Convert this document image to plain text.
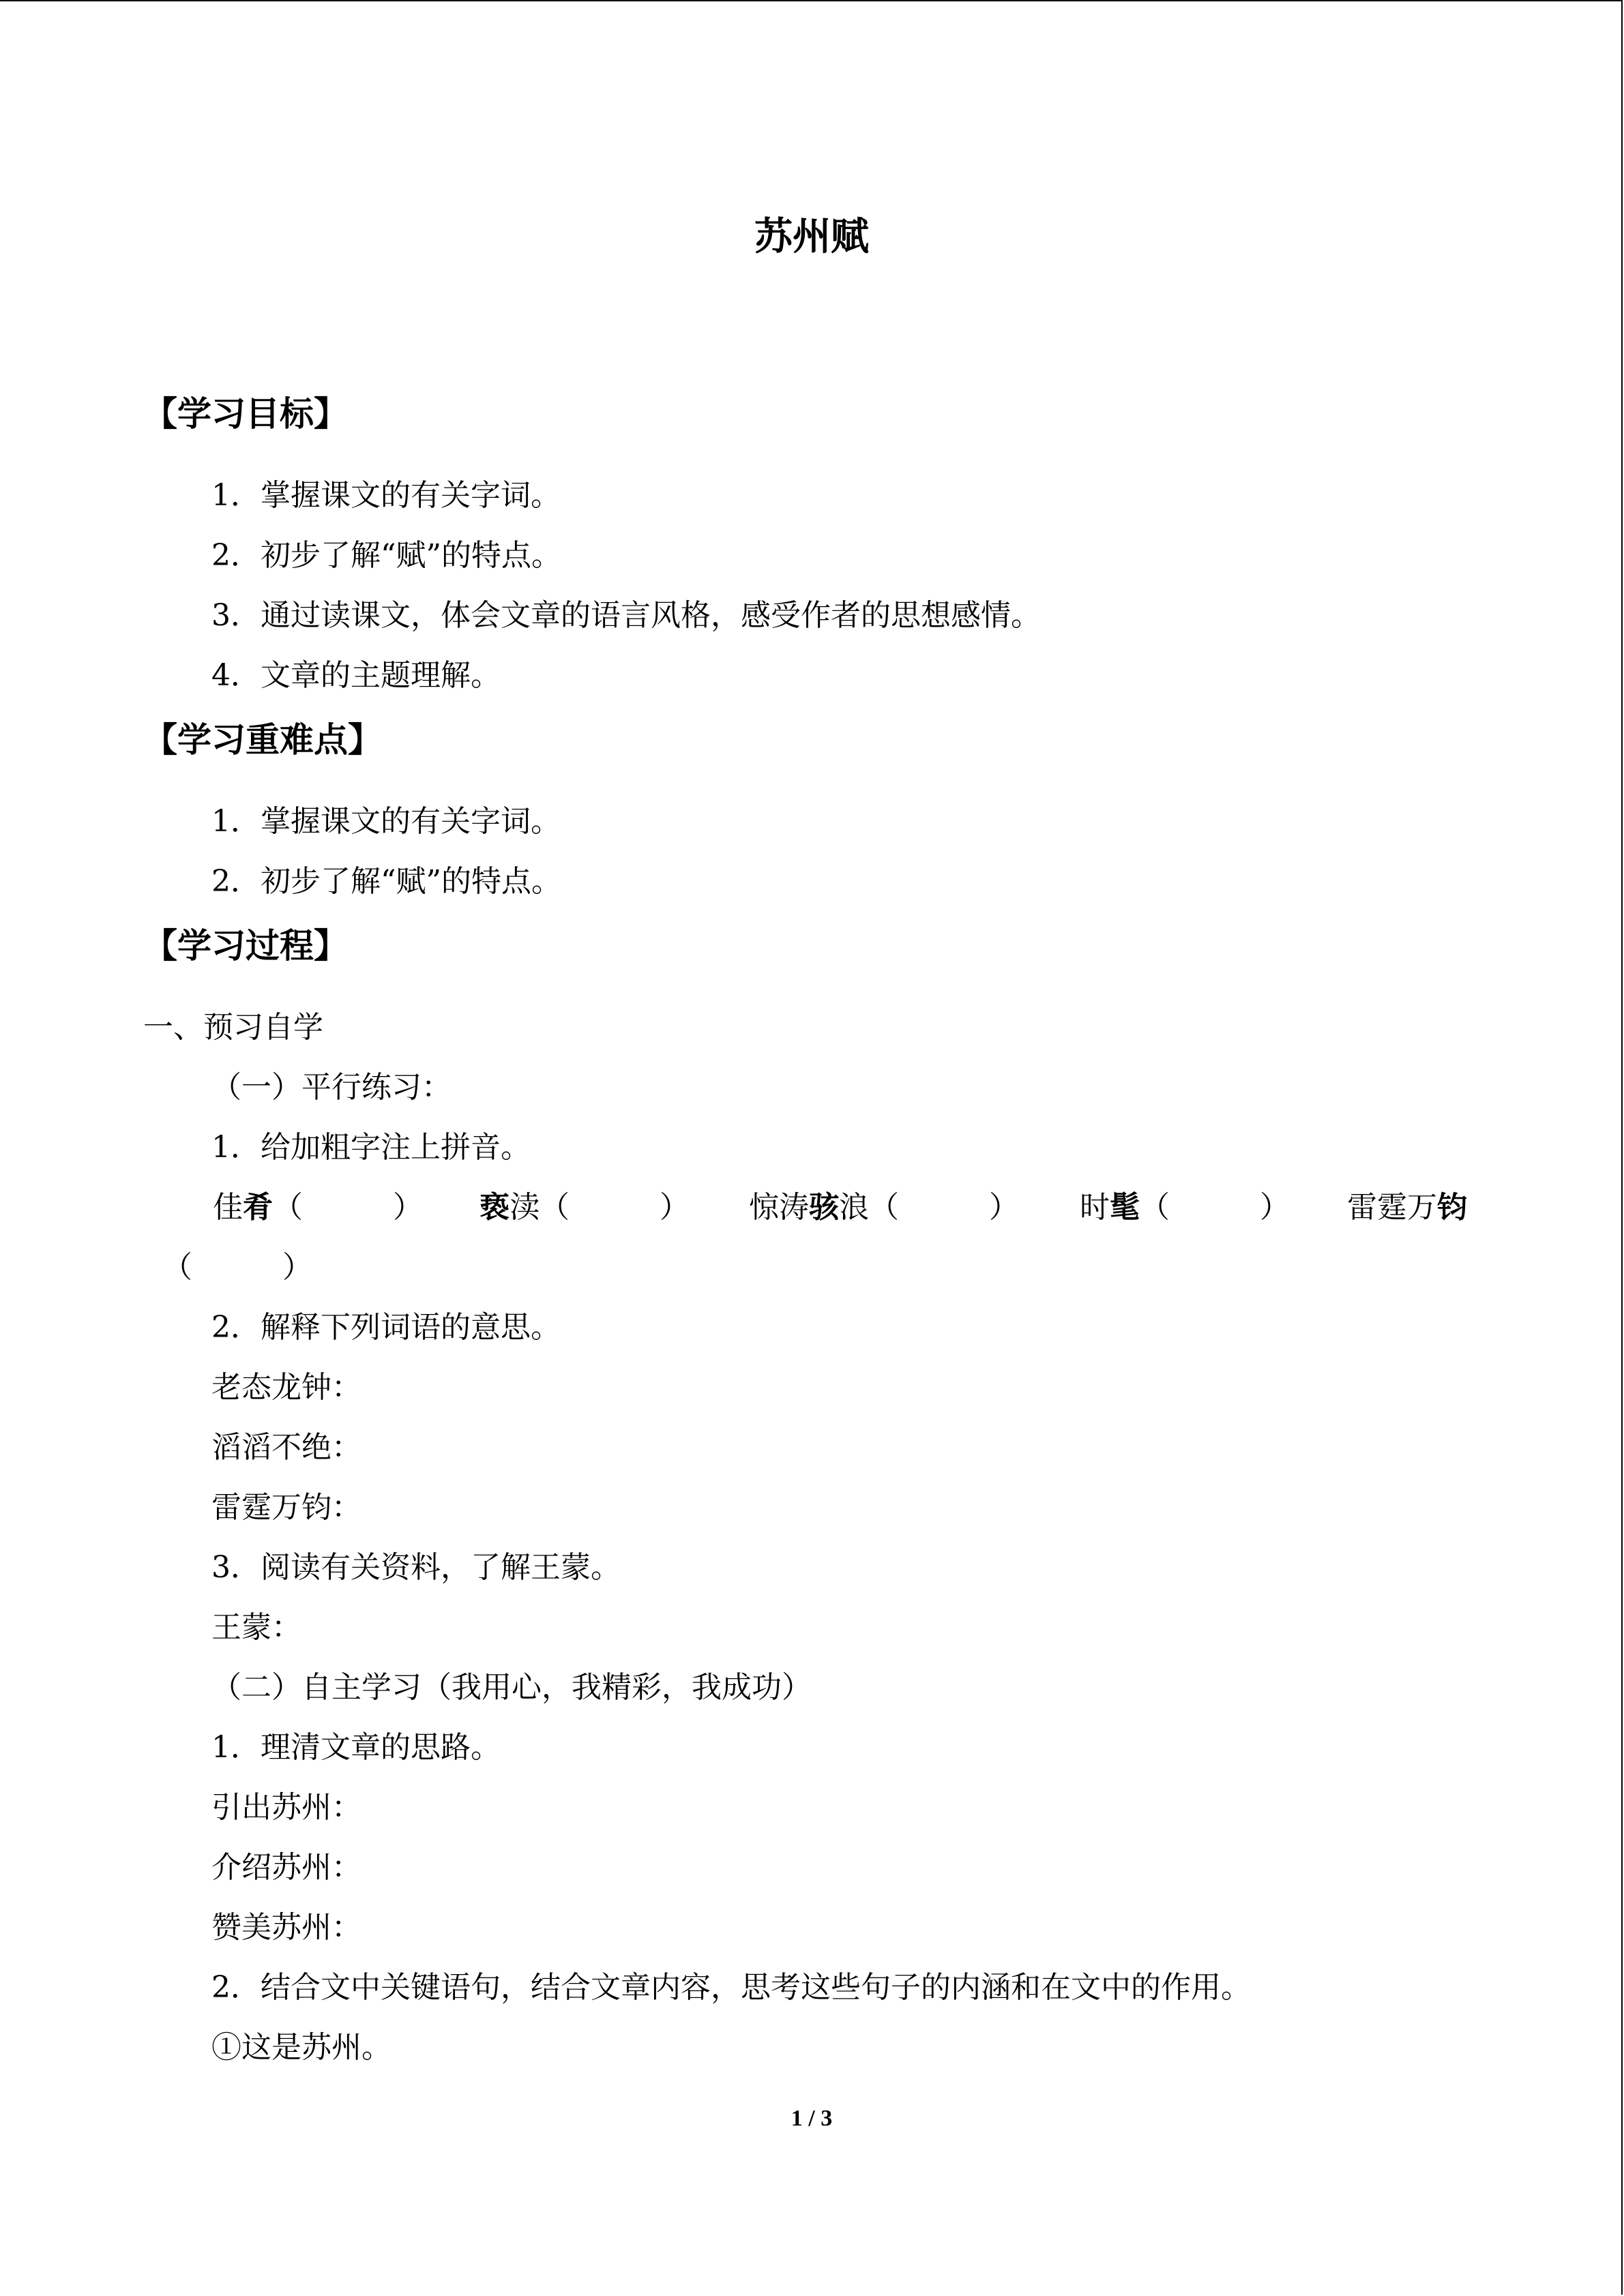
苏州赋
【学习目标】
1．掌握课文的有关字词。
2．初步了解“赋”的特点。
3．通过读课文，体会文章的语言风格，感受作者的思想感情。
4．文章的主题理解。
【学习重难点】
1．掌握课文的有关字词。
2．初步了解“赋”的特点。
【学习过程】
一、预习自学
（一）平行练习：
1．给加粗字注上拼音。
佳肴（　　　） 亵渎（　　　） 惊涛骇浪（　　　） 时髦（　　　） 雷霆万钧
（　　　）
2．解释下列词语的意思。
老态龙钟：
滔滔不绝：
雷霆万钧：
3．阅读有关资料，了解王蒙。
王蒙：
（二）自主学习（我用心，我精彩，我成功）
1．理清文章的思路。
引出苏州：
介绍苏州：
赞美苏州：
2．结合文中关键语句，结合文章内容，思考这些句子的内涵和在文中的作用。
①这是苏州。
1 / 3
